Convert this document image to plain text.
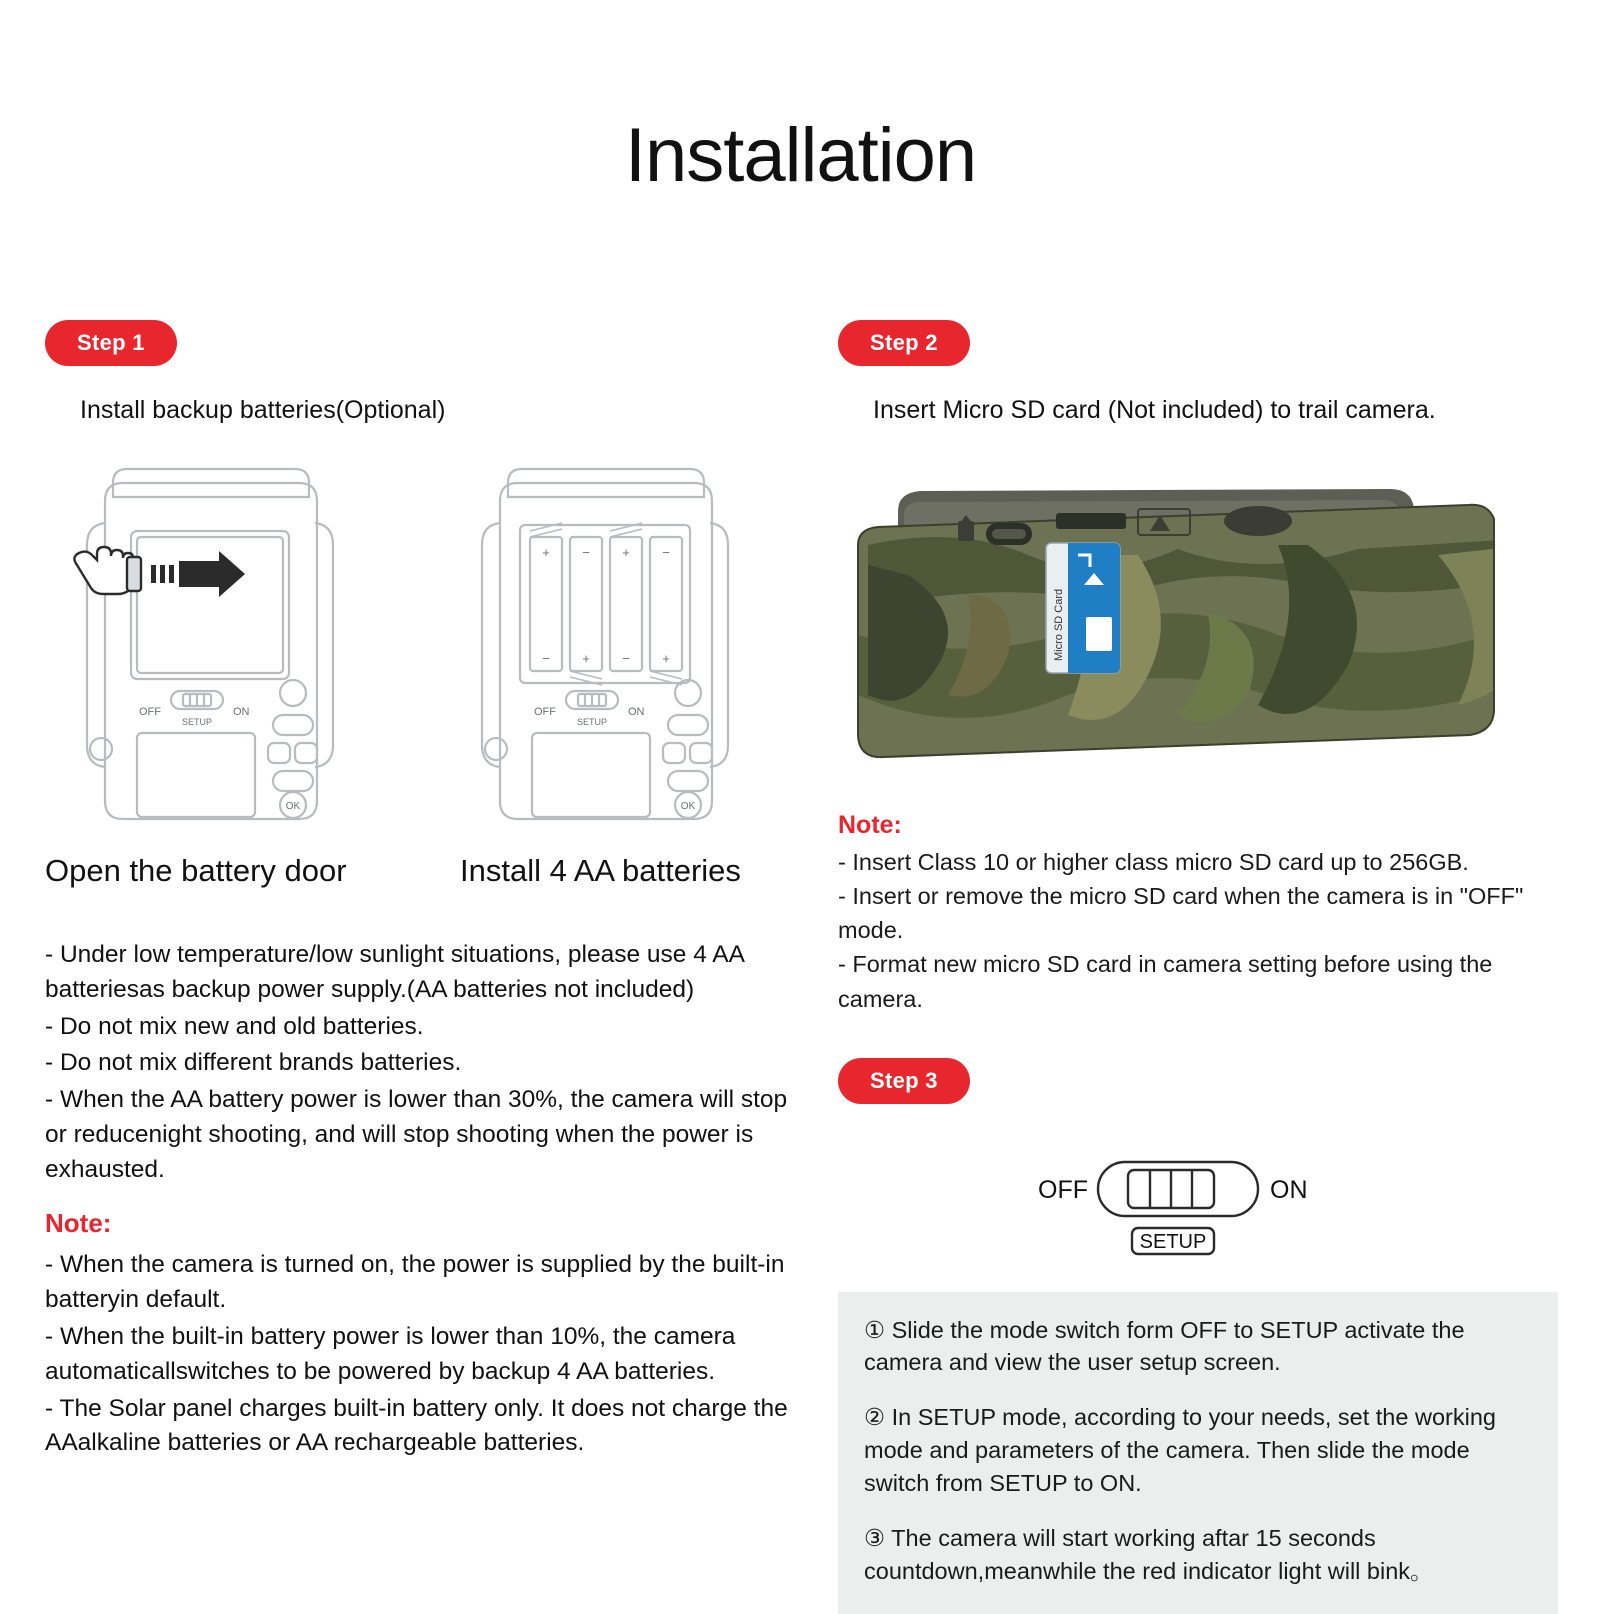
Installation
Step 1
Install backup batteries(Optional)
OFF	ON
SETUP
OK
+ − + −
− + − +
OFF	ON
SETUP
OK
Open the battery door	Install 4 AA batteries

- Under low temperature/low sunlight situations, please use 4 AA batteriesas backup power supply.(AA batteries not included)

- Do not mix new and old batteries.

- Do not mix different brands batteries.

- When the AA battery power is lower than 30%, the camera will stop or reducenight shooting, and will stop shooting when the power is exhausted.

Note:

- When the camera is turned on, the power is supplied by the built-in batteryin default.

- When the built-in battery power is lower than 10%, the camera automaticallswitches to be powered by backup 4 AA batteries.

- The Solar panel charges built-in battery only. It does not charge the AAalkaline batteries or AA rechargeable batteries.

Step 2
Insert Micro SD card (Not included) to trail camera.
Micro SD Card
Note:

- Insert Class 10 or higher class micro SD card up to 256GB.

- Insert or remove the micro SD card when the camera is in "OFF" mode.

- Format new micro SD card in camera setting before using the camera.

Step 3
OFF	ON
SETUP

① Slide the mode switch form OFF to SETUP activate the camera and view the user setup screen.

② In SETUP mode, according to your needs, set the working mode and parameters of the camera. Then slide the mode switch from SETUP to ON.

③ The camera will start working aftar 15 seconds countdown,meanwhile the red indicator light will bink。
